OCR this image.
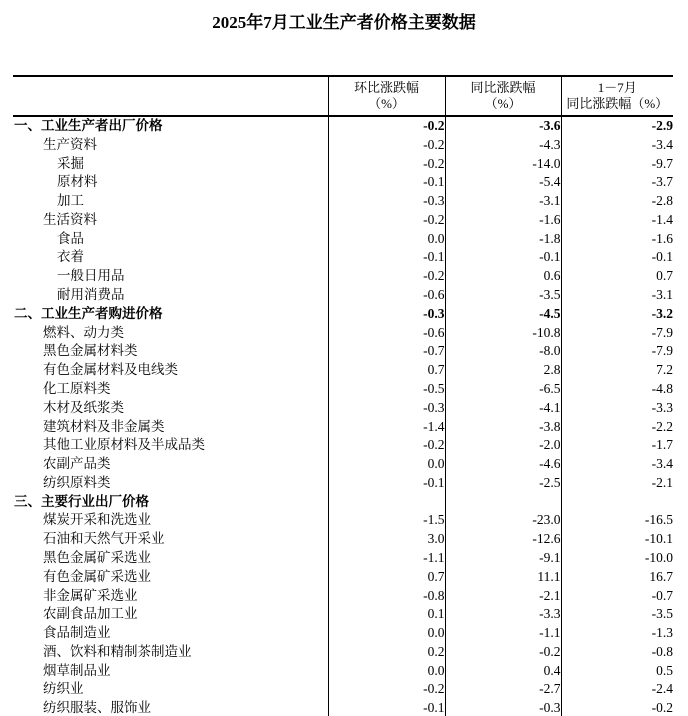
2025年7月工业生产者价格主要数据
	环比涨跌幅
（%）	同比涨跌幅
（%）	1－7月
同比涨跌幅（%）
一、工业生产者出厂价格	-0.2	-3.6	-2.9
生产资料	-0.2	-4.3	-3.4
采掘	-0.2	-14.0	-9.7
原材料	-0.1	-5.4	-3.7
加工	-0.3	-3.1	-2.8
生活资料	-0.2	-1.6	-1.4
食品	0.0	-1.8	-1.6
衣着	-0.1	-0.1	-0.1
一般日用品	-0.2	0.6	0.7
耐用消费品	-0.6	-3.5	-3.1
二、工业生产者购进价格	-0.3	-4.5	-3.2
燃料、动力类	-0.6	-10.8	-7.9
黑色金属材料类	-0.7	-8.0	-7.9
有色金属材料及电线类	0.7	2.8	7.2
化工原料类	-0.5	-6.5	-4.8
木材及纸浆类	-0.3	-4.1	-3.3
建筑材料及非金属类	-1.4	-3.8	-2.2
其他工业原材料及半成品类	-0.2	-2.0	-1.7
农副产品类	0.0	-4.6	-3.4
纺织原料类	-0.1	-2.5	-2.1
三、主要行业出厂价格			
煤炭开采和洗选业	-1.5	-23.0	-16.5
石油和天然气开采业	3.0	-12.6	-10.1
黑色金属矿采选业	-1.1	-9.1	-10.0
有色金属矿采选业	0.7	11.1	16.7
非金属矿采选业	-0.8	-2.1	-0.7
农副食品加工业	0.1	-3.3	-3.5
食品制造业	0.0	-1.1	-1.3
酒、饮料和精制茶制造业	0.2	-0.2	-0.8
烟草制品业	0.0	0.4	0.5
纺织业	-0.2	-2.7	-2.4
纺织服装、服饰业	-0.1	-0.3	-0.2
